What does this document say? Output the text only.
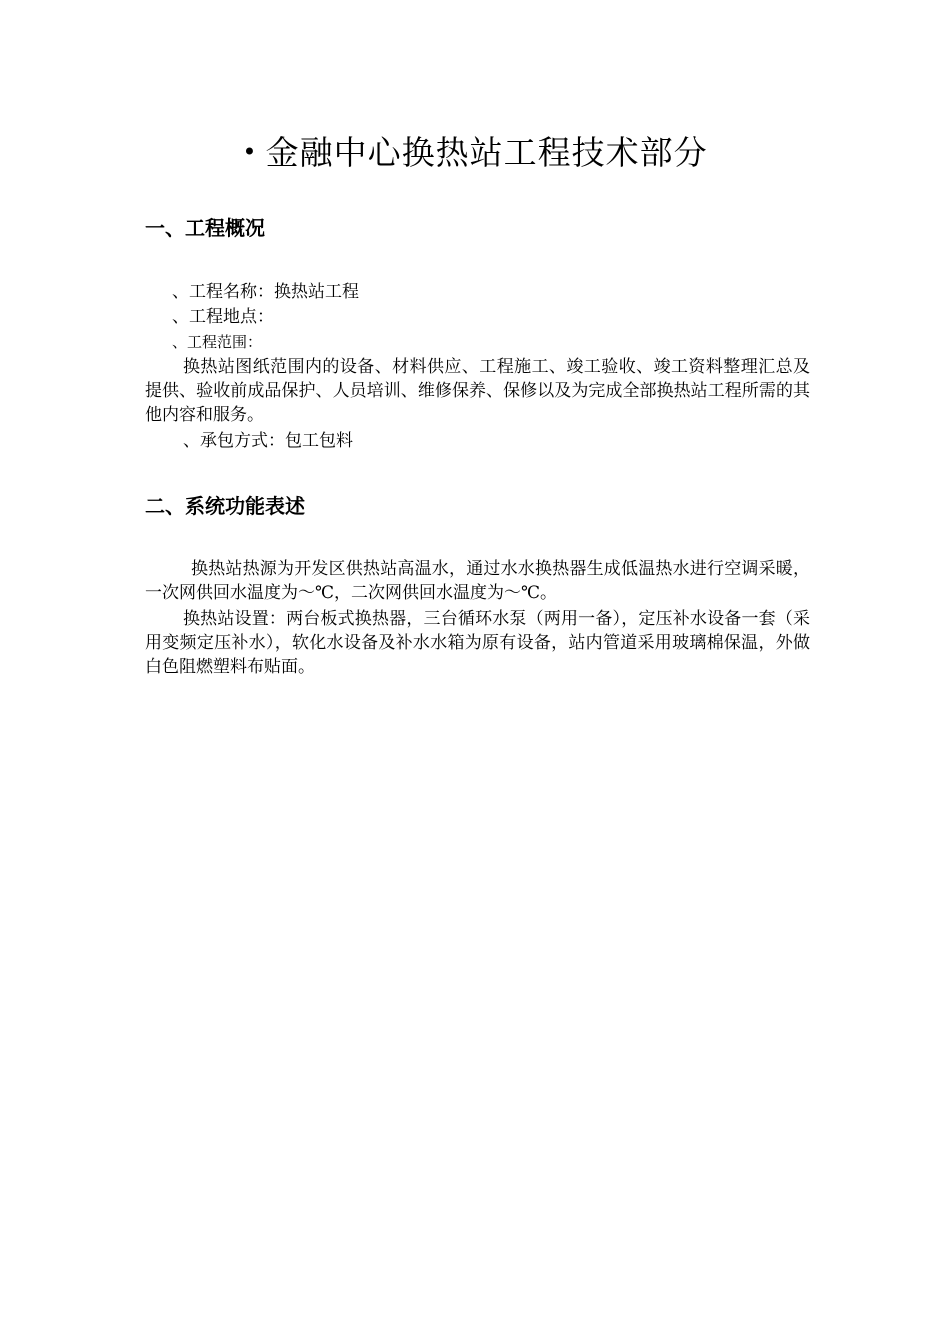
• 金融中心换热站工程技术部分
一、工程概况
、工程名称：换热站工程
、工程地点：
、工程范围：
换热站图纸范围内的设备、材料供应、工程施工、竣工验收、竣工资料整理汇总及提供、验收前成品保护、人员培训、维修保养、保修以及为完成全部换热站工程所需的其他内容和服务。
、承包方式：包工包料
二、系统功能表述
换热站热源为开发区供热站高温水，通过水水换热器生成低温热水进行空调采暖，一次网供回水温度为～℃，二次网供回水温度为～℃。
换热站设置：两台板式换热器，三台循环水泵（两用一备），定压补水设备一套（采用变频定压补水），软化水设备及补水水箱为原有设备，站内管道采用玻璃棉保温，外做白色阻燃塑料布贴面。
